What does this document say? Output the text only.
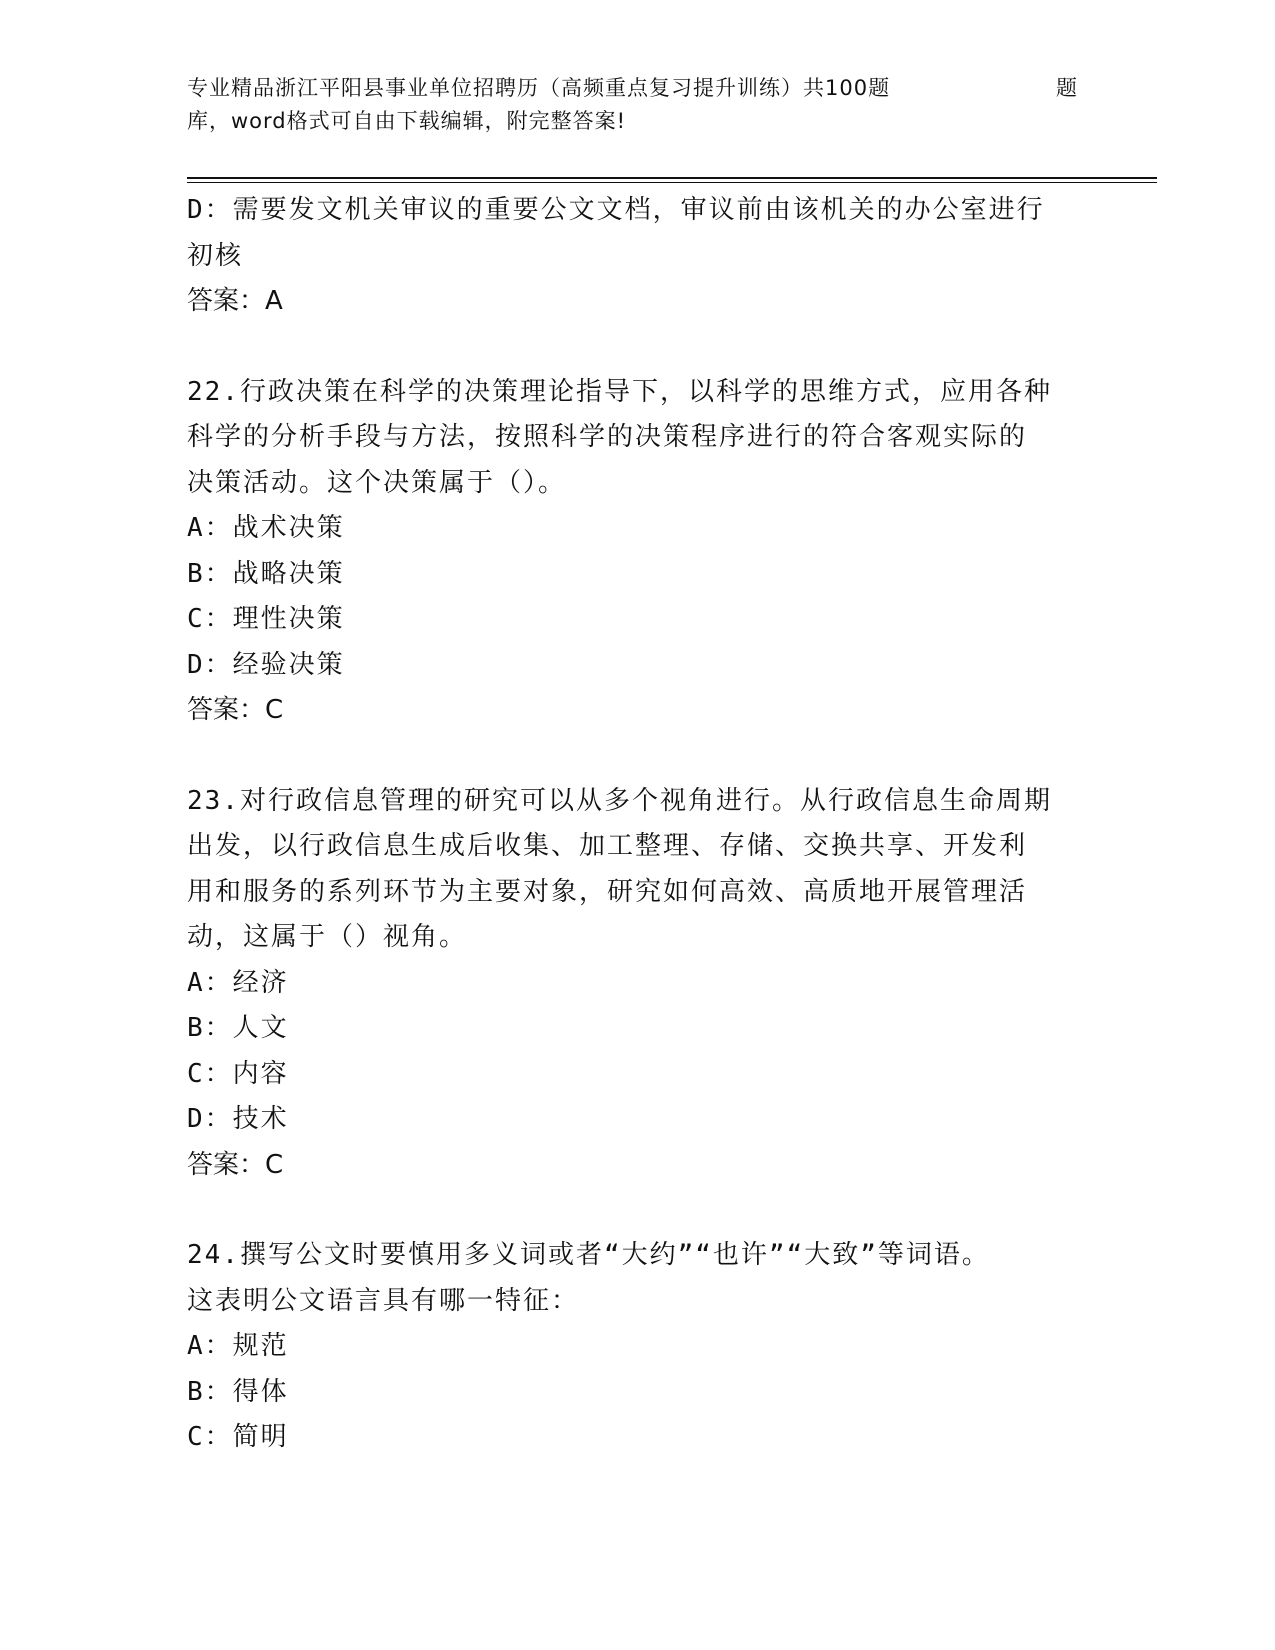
专业精品浙江平阳县事业单位招聘历（高频重点复习提升训练）共100题	题
库，word格式可自由下载编辑，附完整答案!
D：需要发文机关审议的重要公文文档，审议前由该机关的办公室进行
初核
答案：A
22.行政决策在科学的决策理论指导下，以科学的思维方式，应用各种
科学的分析手段与方法，按照科学的决策程序进行的符合客观实际的
决策活动。这个决策属于（）。
A：战术决策
B：战略决策
C：理性决策
D：经验决策
答案：C
23.对行政信息管理的研究可以从多个视角进行。从行政信息生命周期
出发，以行政信息生成后收集、加工整理、存储、交换共享、开发利
用和服务的系列环节为主要对象，研究如何高效、高质地开展管理活
动，这属于（）视角。
A：经济
B：人文
C：内容
D：技术
答案：C
24.撰写公文时要慎用多义词或者“大约”“也许”“大致”等词语。
这表明公文语言具有哪一特征：
A：规范
B：得体
C：简明
